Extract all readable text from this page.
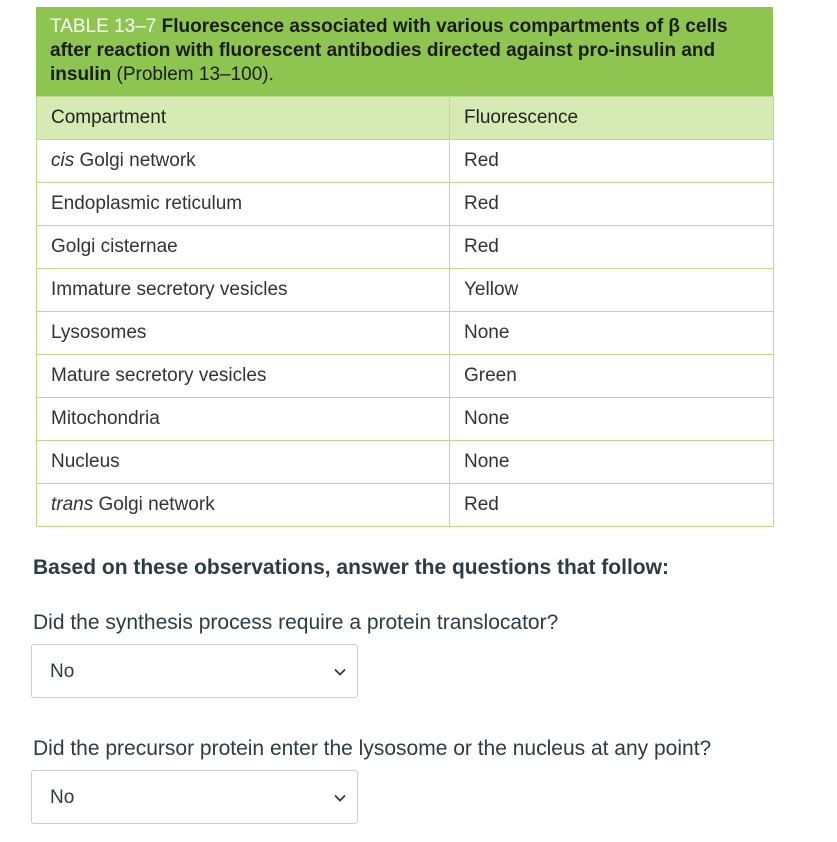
TABLE 13–7 Fluorescence associated with various compartments of β cells after reaction with fluorescent antibodies directed against pro-insulin and insulin (Problem 13–100).
Compartment	Fluorescence
cis Golgi network	Red
Endoplasmic reticulum	Red
Golgi cisternae	Red
Immature secretory vesicles	Yellow
Lysosomes	None
Mature secretory vesicles	Green
Mitochondria	None
Nucleus	None
trans Golgi network	Red
Based on these observations, answer the questions that follow:
Did the synthesis process require a protein translocator?
No
Did the precursor protein enter the lysosome or the nucleus at any point?
No
